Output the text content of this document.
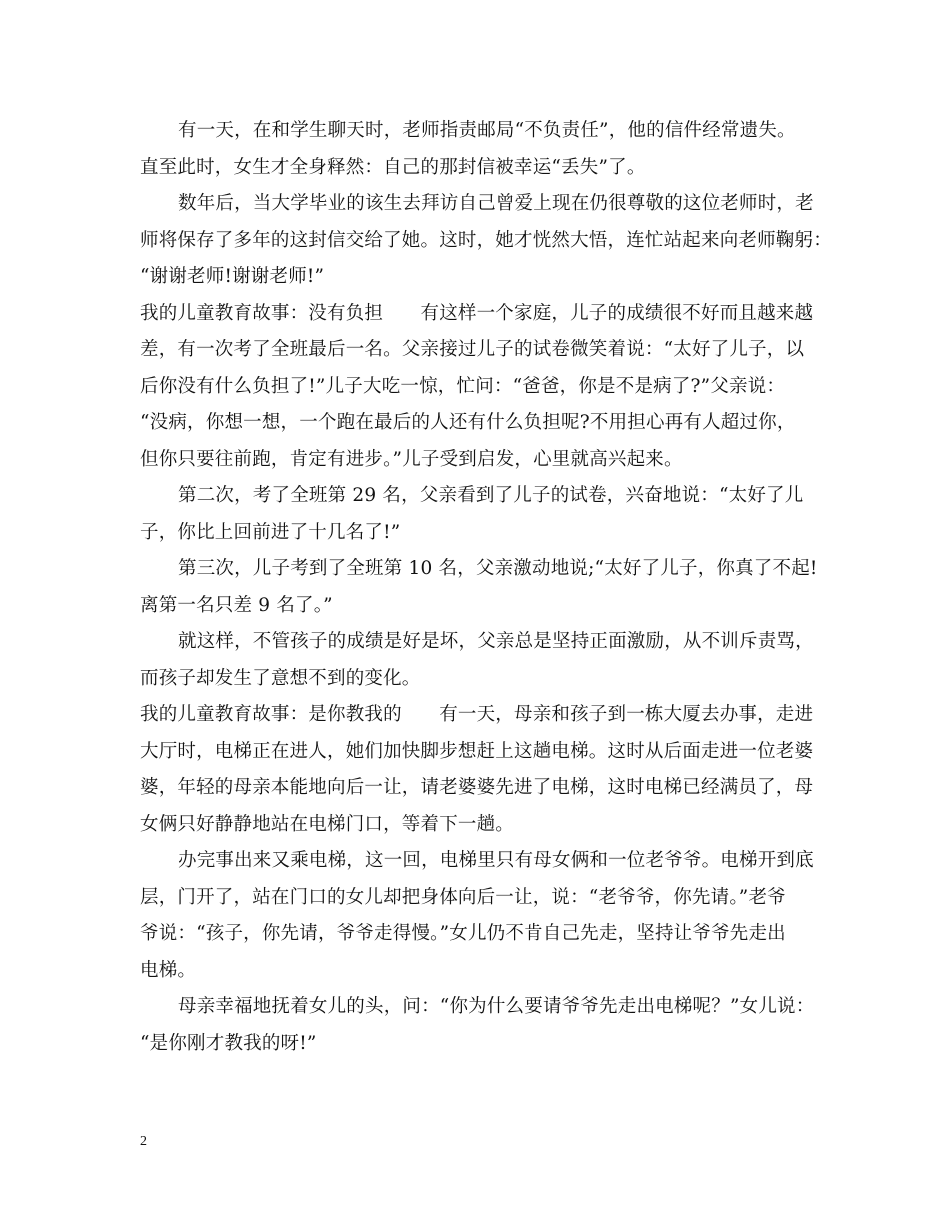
有一天，在和学生聊天时，老师指责邮局“不负责任”，他的信件经常遗失。
直至此时，女生才全身释然：自己的那封信被幸运“丢失”了。
数年后，当大学毕业的该生去拜访自己曾爱上现在仍很尊敬的这位老师时，老
师将保存了多年的这封信交给了她。这时，她才恍然大悟，连忙站起来向老师鞠躬：
“谢谢老师!谢谢老师!”
我的儿童教育故事：没有负担　　有这样一个家庭，儿子的成绩很不好而且越来越
差，有一次考了全班最后一名。父亲接过儿子的试卷微笑着说：“太好了儿子，以
后你没有什么负担了!”儿子大吃一惊，忙问：“爸爸，你是不是病了?”父亲说：
“没病，你想一想，一个跑在最后的人还有什么负担呢?不用担心再有人超过你，
但你只要往前跑，肯定有进步。”儿子受到启发，心里就高兴起来。
第二次，考了全班第 29 名，父亲看到了儿子的试卷，兴奋地说：“太好了儿
子，你比上回前进了十几名了!”
第三次，儿子考到了全班第 10 名，父亲激动地说;“太好了儿子，你真了不起!
离第一名只差 9 名了。”
就这样，不管孩子的成绩是好是坏，父亲总是坚持正面激励，从不训斥责骂，
而孩子却发生了意想不到的变化。
我的儿童教育故事：是你教我的　　有一天，母亲和孩子到一栋大厦去办事，走进
大厅时，电梯正在进人，她们加快脚步想赶上这趟电梯。这时从后面走进一位老婆
婆，年轻的母亲本能地向后一让，请老婆婆先进了电梯，这时电梯已经满员了，母
女俩只好静静地站在电梯门口，等着下一趟。
办完事出来又乘电梯，这一回，电梯里只有母女俩和一位老爷爷。电梯开到底
层，门开了，站在门口的女儿却把身体向后一让，说：“老爷爷，你先请。”老爷
爷说：“孩子，你先请，爷爷走得慢。”女儿仍不肯自己先走，坚持让爷爷先走出
电梯。
母亲幸福地抚着女儿的头，问：“你为什么要请爷爷先走出电梯呢？”女儿说：
“是你刚才教我的呀!”
2
